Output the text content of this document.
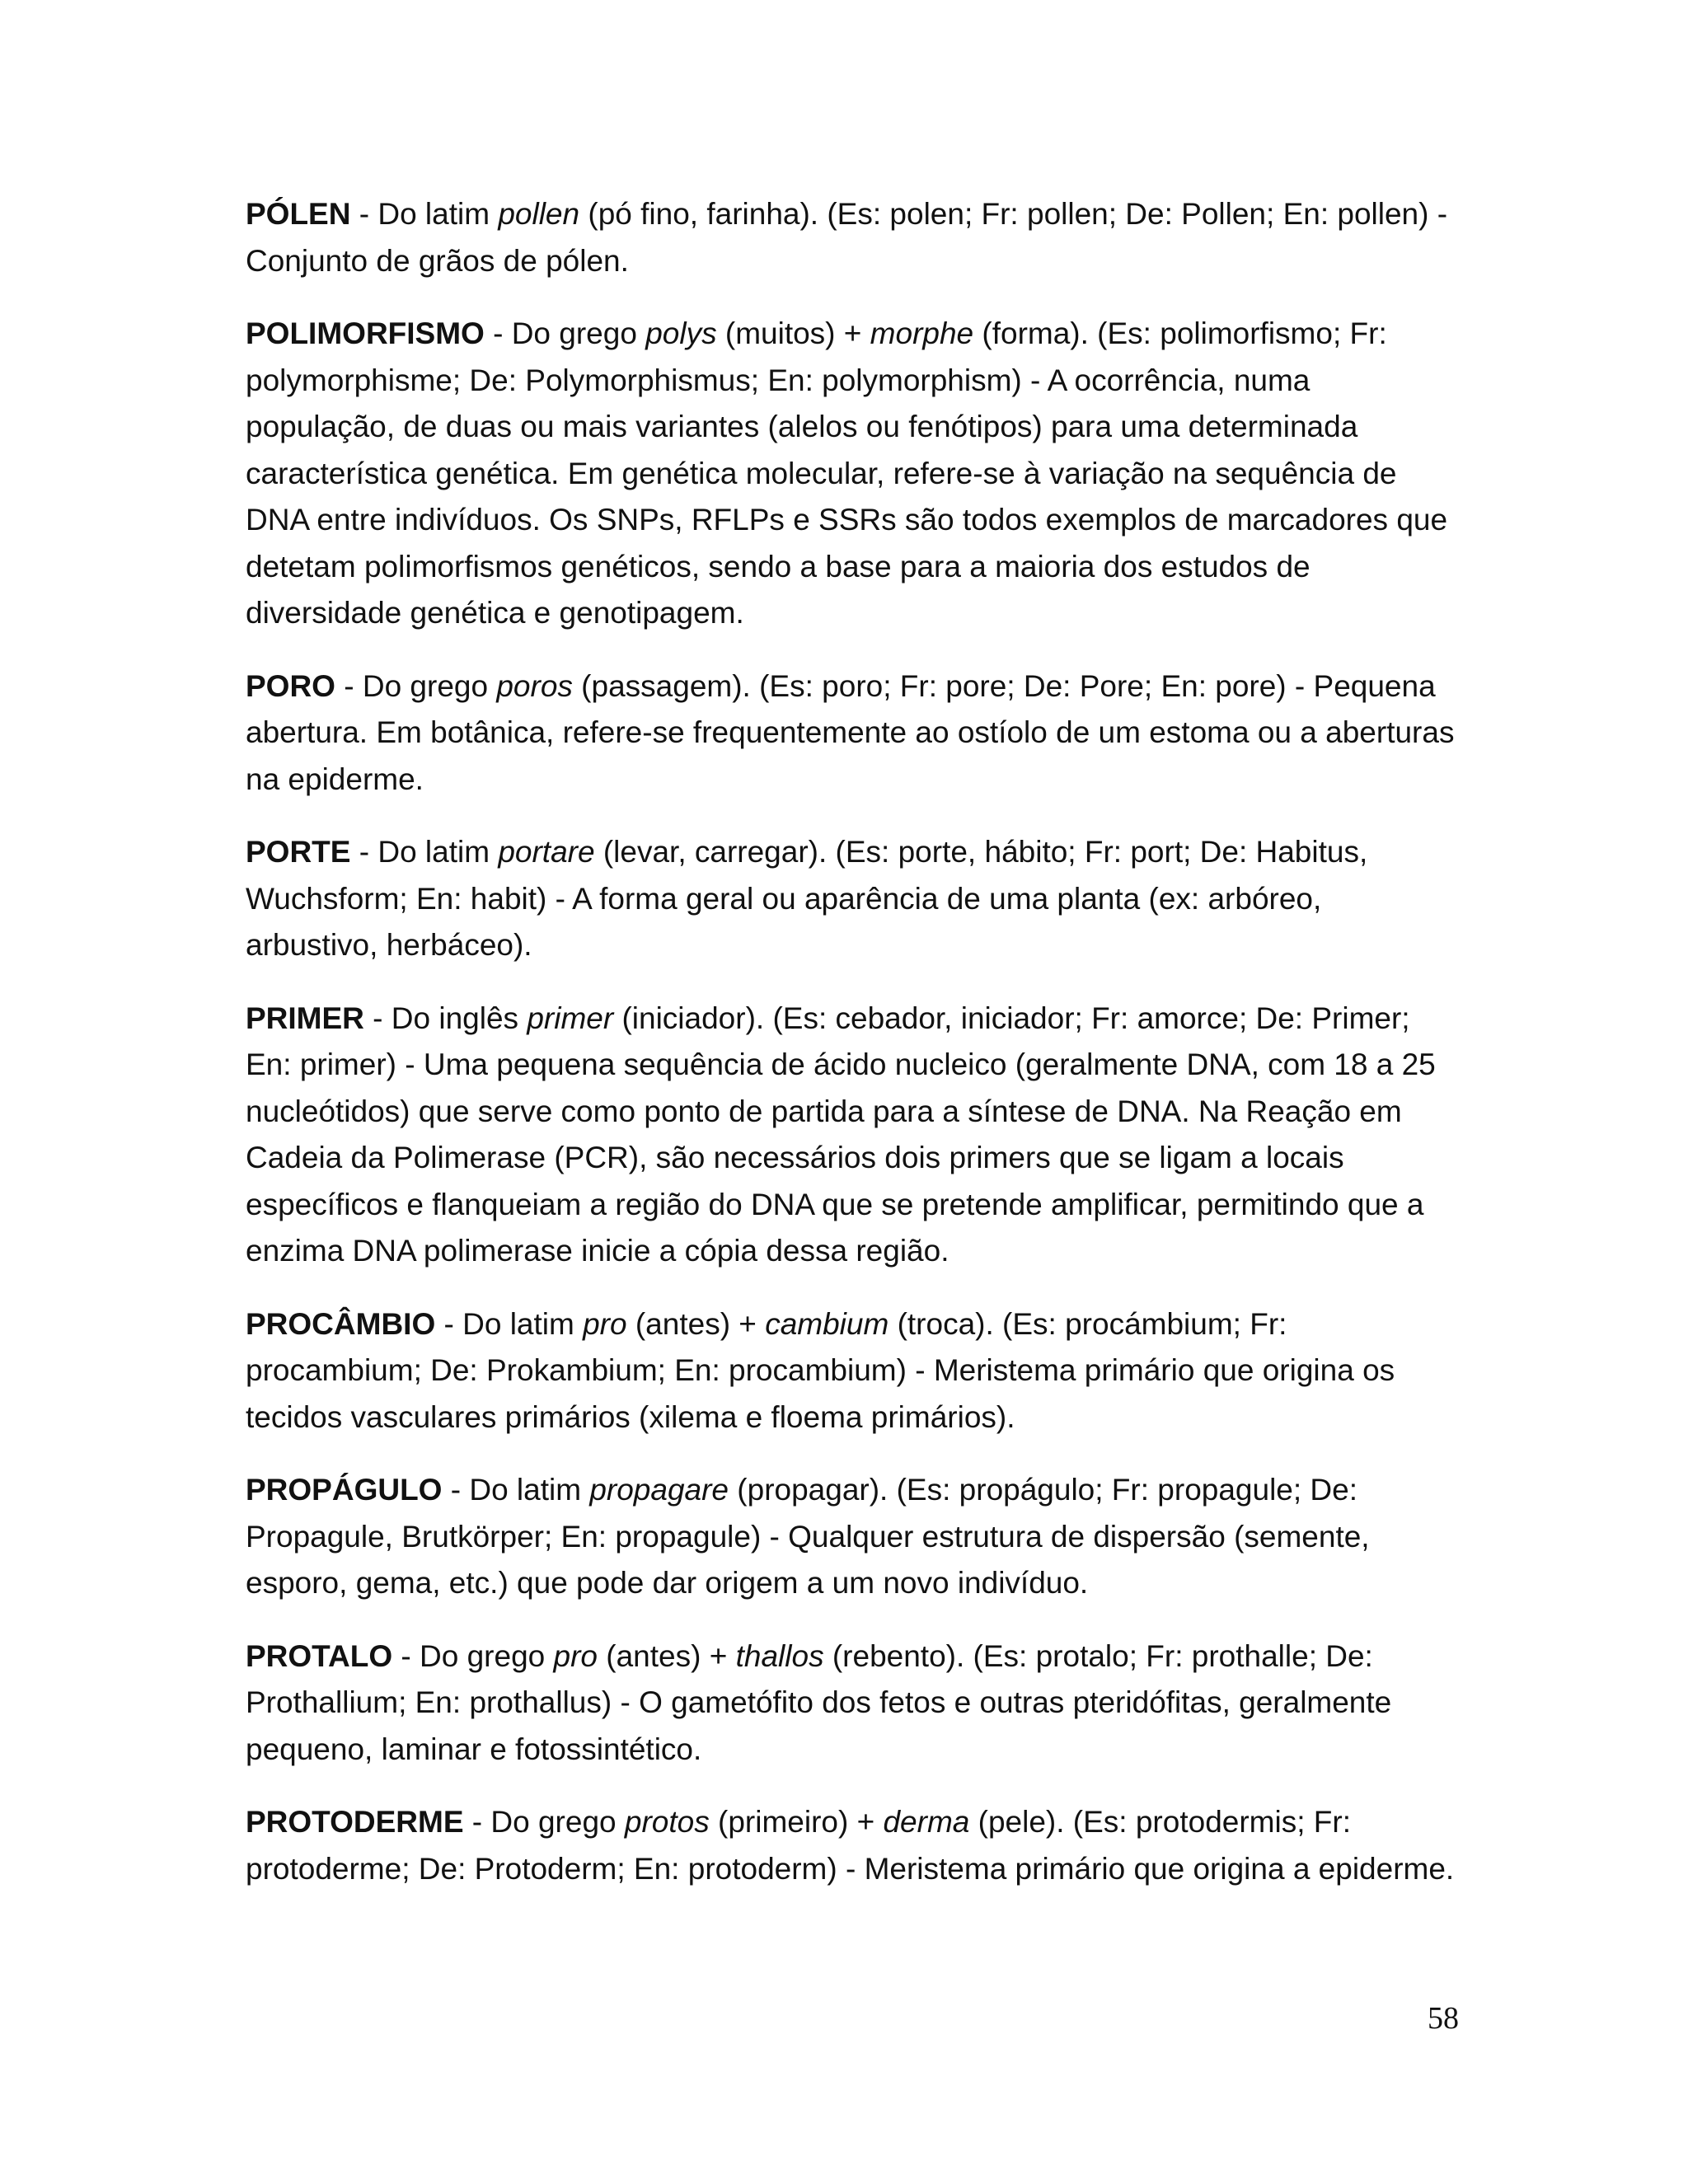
PÓLEN - Do latim pollen (pó fino, farinha). (Es: polen; Fr: pollen; De: Pollen; En: pollen) - Conjunto de grãos de pólen.

POLIMORFISMO - Do grego polys (muitos) + morphe (forma). (Es: polimorfismo; Fr: polymorphisme; De: Polymorphismus; En: polymorphism) - A ocorrência, numa população, de duas ou mais variantes (alelos ou fenótipos) para uma determinada característica genética. Em genética molecular, refere-se à variação na sequência de DNA entre indivíduos. Os SNPs, RFLPs e SSRs são todos exemplos de marcadores que detetam polimorfismos genéticos, sendo a base para a maioria dos estudos de diversidade genética e genotipagem.

PORO - Do grego poros (passagem). (Es: poro; Fr: pore; De: Pore; En: pore) - Pequena abertura. Em botânica, refere-se frequentemente ao ostíolo de um estoma ou a aberturas na epiderme.

PORTE - Do latim portare (levar, carregar). (Es: porte, hábito; Fr: port; De: Habitus, Wuchsform; En: habit) - A forma geral ou aparência de uma planta (ex: arbóreo, arbustivo, herbáceo).

PRIMER - Do inglês primer (iniciador). (Es: cebador, iniciador; Fr: amorce; De: Primer; En: primer) - Uma pequena sequência de ácido nucleico (geralmente DNA, com 18 a 25 nucleótidos) que serve como ponto de partida para a síntese de DNA. Na Reação em Cadeia da Polimerase (PCR), são necessários dois primers que se ligam a locais específicos e flanqueiam a região do DNA que se pretende amplificar, permitindo que a enzima DNA polimerase inicie a cópia dessa região.

PROCÂMBIO - Do latim pro (antes) + cambium (troca). (Es: procámbium; Fr: procambium; De: Prokambium; En: procambium) - Meristema primário que origina os tecidos vasculares primários (xilema e floema primários).

PROPÁGULO - Do latim propagare (propagar). (Es: propágulo; Fr: propagule; De: Propagule, Brutkörper; En: propagule) - Qualquer estrutura de dispersão (semente, esporo, gema, etc.) que pode dar origem a um novo indivíduo.

PROTALO - Do grego pro (antes) + thallos (rebento). (Es: protalo; Fr: prothalle; De: Prothallium; En: prothallus) - O gametófito dos fetos e outras pteridófitas, geralmente pequeno, laminar e fotossintético.

PROTODERME - Do grego protos (primeiro) + derma (pele). (Es: protodermis; Fr: protoderme; De: Protoderm; En: protoderm) - Meristema primário que origina a epiderme.

58
